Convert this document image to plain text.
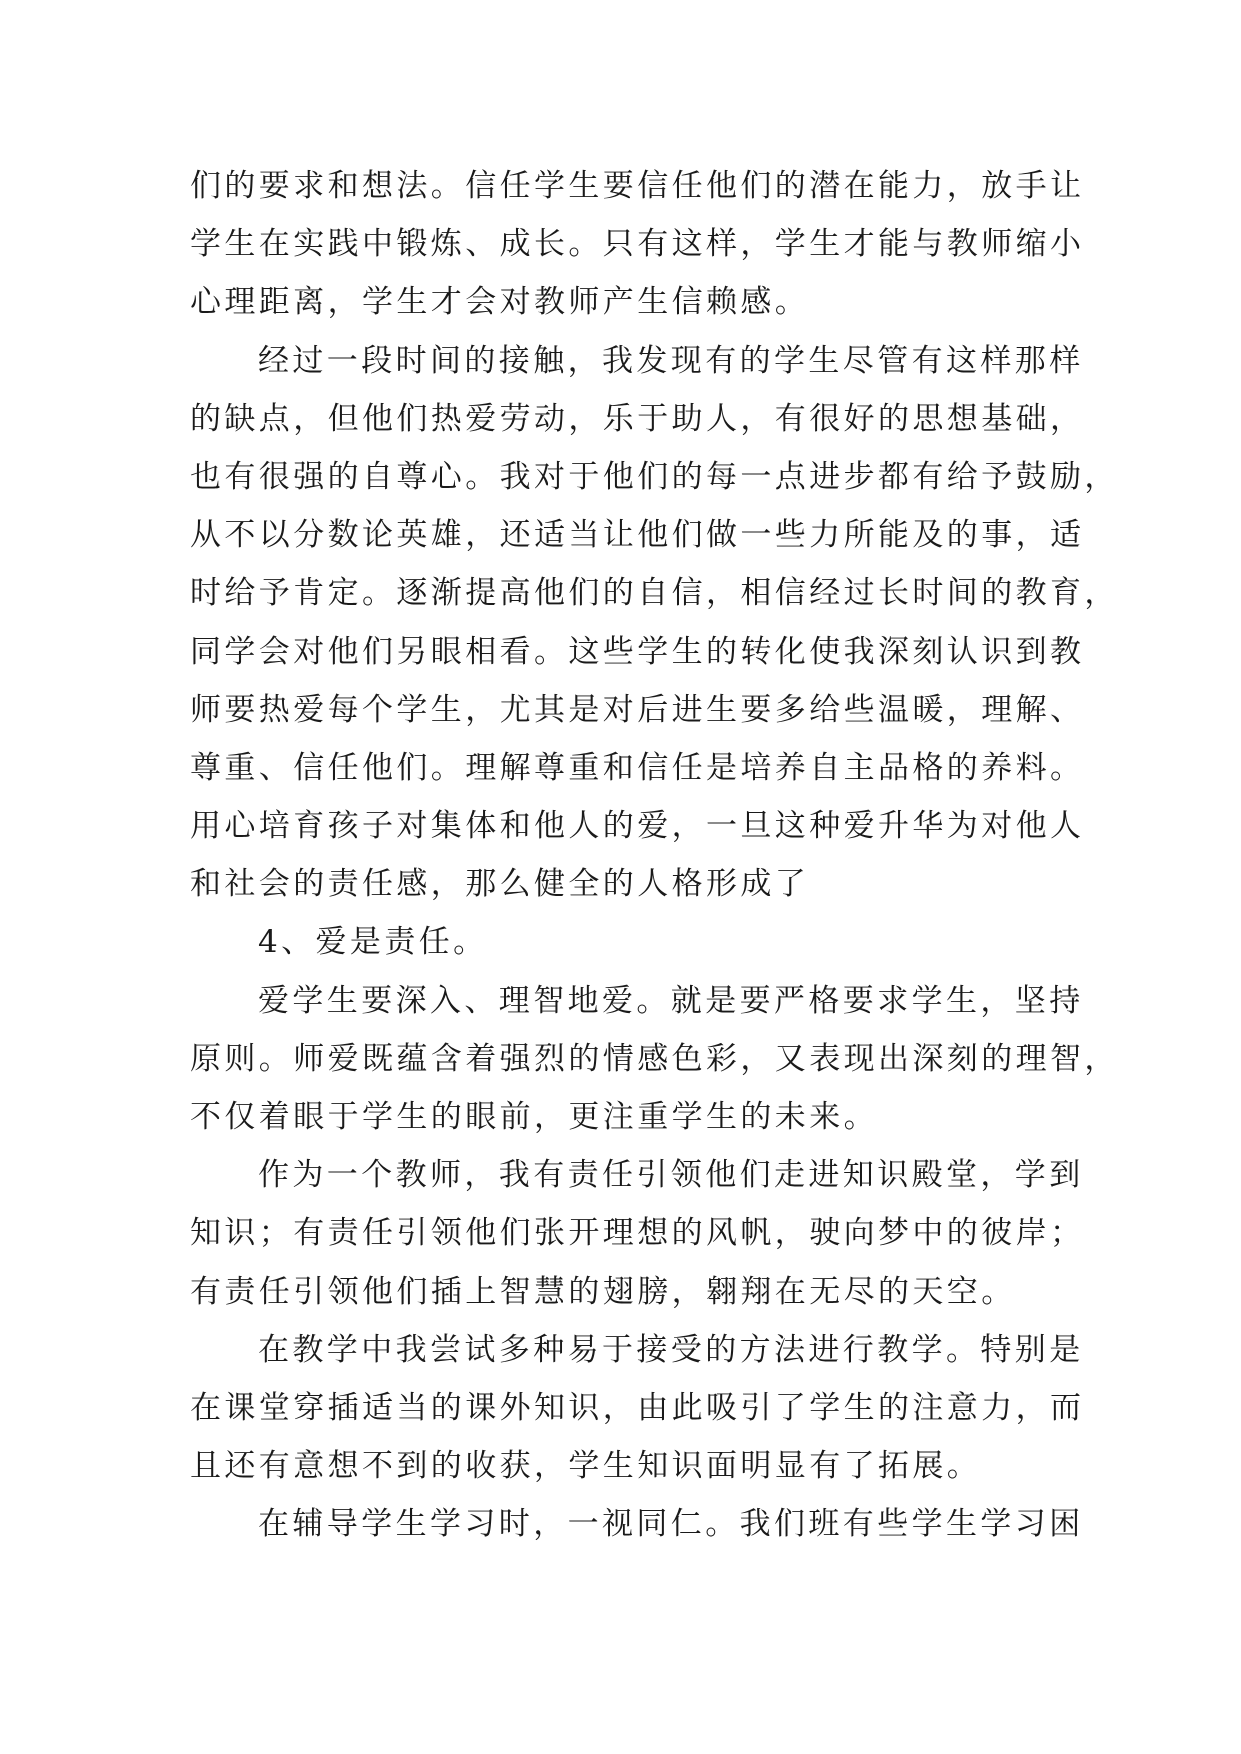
们的要求和想法。信任学生要信任他们的潜在能力，放手让
学生在实践中锻炼、成长。只有这样，学生才能与教师缩小
心理距离，学生才会对教师产生信赖感。
经过一段时间的接触，我发现有的学生尽管有这样那样
的缺点，但他们热爱劳动，乐于助人，有很好的思想基础，
也有很强的自尊心。我对于他们的每一点进步都有给予鼓励，
从不以分数论英雄，还适当让他们做一些力所能及的事，适
时给予肯定。逐渐提高他们的自信，相信经过长时间的教育，
同学会对他们另眼相看。这些学生的转化使我深刻认识到教
师要热爱每个学生，尤其是对后进生要多给些温暖，理解、
尊重、信任他们。理解尊重和信任是培养自主品格的养料。
用心培育孩子对集体和他人的爱，一旦这种爱升华为对他人
和社会的责任感，那么健全的人格形成了
4、爱是责任。
爱学生要深入、理智地爱。就是要严格要求学生，坚持
原则。师爱既蕴含着强烈的情感色彩，又表现出深刻的理智，
不仅着眼于学生的眼前，更注重学生的未来。
作为一个教师，我有责任引领他们走进知识殿堂，学到
知识；有责任引领他们张开理想的风帆，驶向梦中的彼岸；
有责任引领他们插上智慧的翅膀，翱翔在无尽的天空。
在教学中我尝试多种易于接受的方法进行教学。特别是
在课堂穿插适当的课外知识，由此吸引了学生的注意力，而
且还有意想不到的收获，学生知识面明显有了拓展。
在辅导学生学习时，一视同仁。我们班有些学生学习困
